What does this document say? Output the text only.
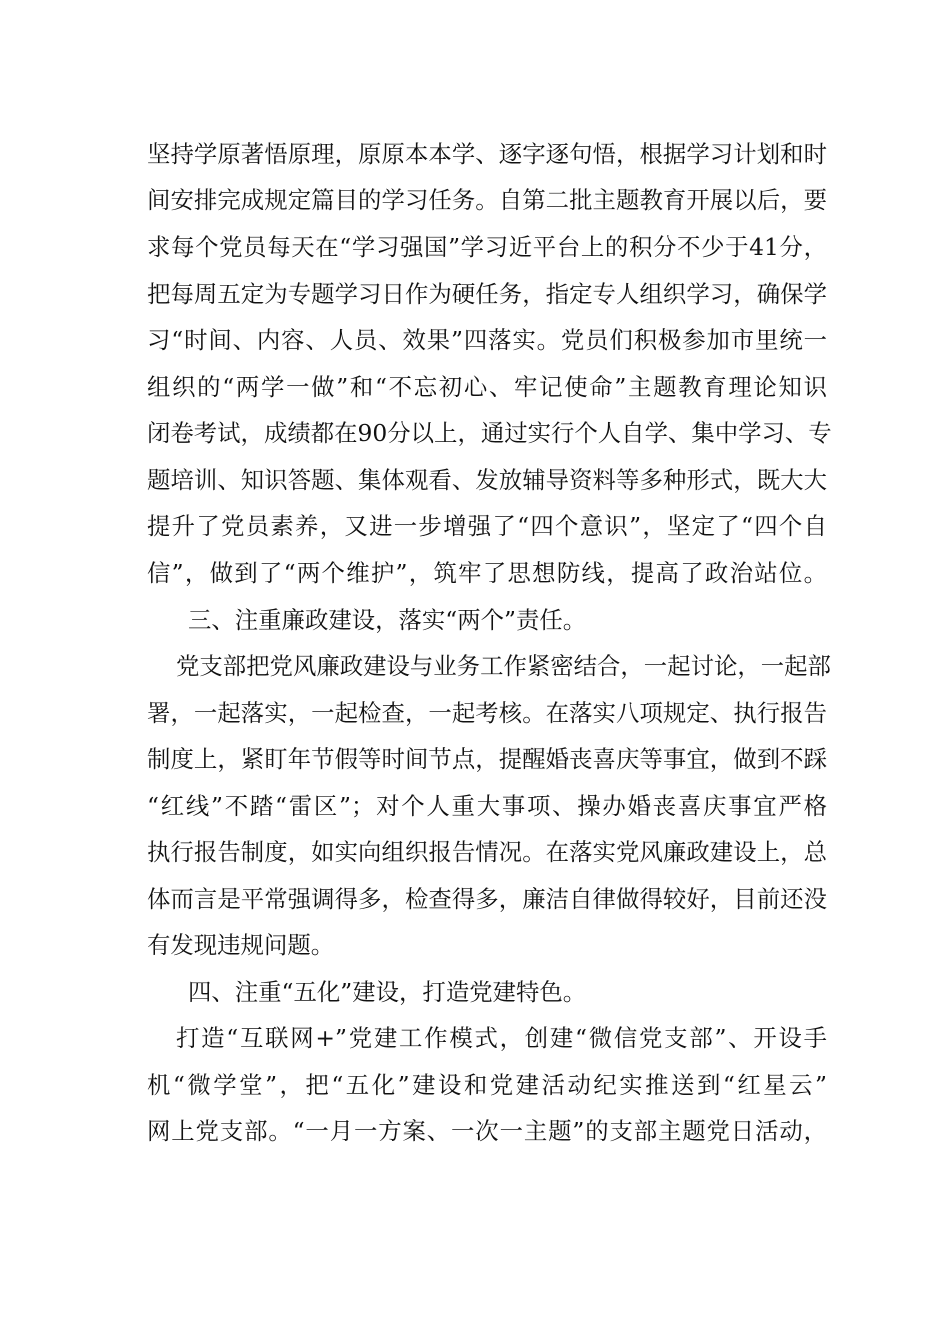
坚持学原著悟原理，原原本本学、逐字逐句悟，根据学习计划和时
间安排完成规定篇目的学习任务。自第二批主题教育开展以后，要
求每个党员每天在“学习强国”学习近平台上的积分不少于41分，
把每周五定为专题学习日作为硬任务，指定专人组织学习，确保学
习“时间、内容、人员、效果”四落实。党员们积极参加市里统一
组织的“两学一做”和“不忘初心、牢记使命”主题教育理论知识
闭卷考试，成绩都在90分以上，通过实行个人自学、集中学习、专
题培训、知识答题、集体观看、发放辅导资料等多种形式，既大大
提升了党员素养，又进一步增强了“四个意识”，坚定了“四个自
信”，做到了“两个维护”，筑牢了思想防线，提高了政治站位。
三、注重廉政建设，落实“两个”责任。
党支部把党风廉政建设与业务工作紧密结合，一起讨论，一起部
署，一起落实，一起检查，一起考核。在落实八项规定、执行报告
制度上，紧盯年节假等时间节点，提醒婚丧喜庆等事宜，做到不踩
“红线”不踏“雷区”；对个人重大事项、操办婚丧喜庆事宜严格
执行报告制度，如实向组织报告情况。在落实党风廉政建设上，总
体而言是平常强调得多，检查得多，廉洁自律做得较好，目前还没
有发现违规问题。
四、注重“五化”建设，打造党建特色。
打造“互联网+”党建工作模式，创建“微信党支部”、开设手
机“微学堂”，把“五化”建设和党建活动纪实推送到“红星云”
网上党支部。“一月一方案、一次一主题”的支部主题党日活动，
